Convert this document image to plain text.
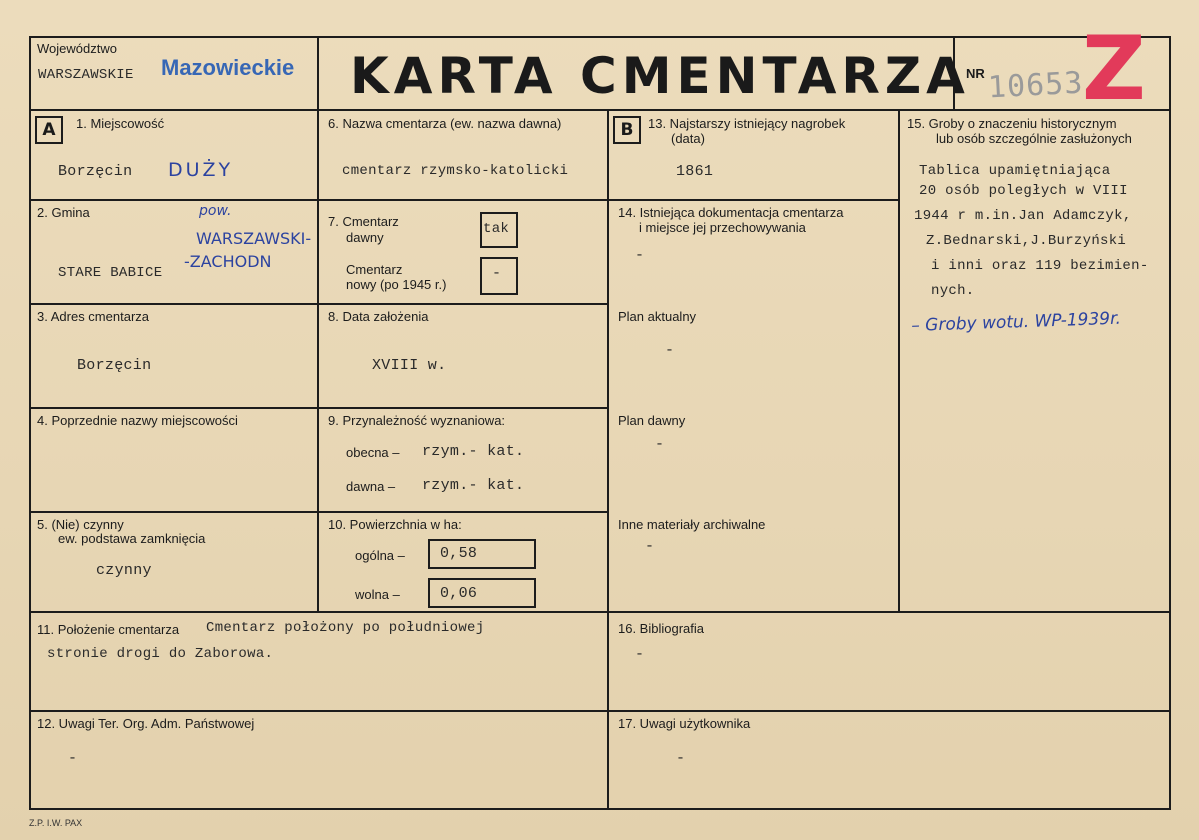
Województwo
WARSZAWSKIE Mazowieckie KARTA CMENTARZA
NR 10653
Z
A	1. Miejscowość
Borzęcin DUŻY
2. Gmina
STARE BABICE
pow.
WARSZAWSKI-
-ZACHODN
3. Adres cmentarza
Borzęcin
4. Poprzednie nazwy miejscowości
5. (Nie) czynny
ew. podstawa zamknięcia
czynny
6. Nazwa cmentarza (ew. nazwa dawna)
cmentarz rzymsko-katolicki
7. Cmentarz
dawny
tak
Cmentarz
nowy (po 1945 r.)
-
8. Data założenia
XVIII w.
9. Przynależność wyznaniowa:
obecna – rzym.- kat.
dawna – rzym.- kat.
10. Powierzchnia w ha:
ogólna – 0,58
wolna –	0,06
B	13. Najstarszy istniejący nagrobek
(data)
1861
14. Istniejąca dokumentacja cmentarza
i miejsce jej przechowywania
-
Plan aktualny
-
Plan dawny
-
Inne materiały archiwalne
-
15. Groby o znaczeniu historycznym
lub osób szczególnie zasłużonych
Tablica upamiętniająca
20 osób poległych w VIII
1944 r m.in.Jan Adamczyk,
Z.Bednarski,J.Burzyński
i inni oraz 119 bezimien-
nych.
– Groby wotu. WP-1939r.
11. Położenie cmentarza Cmentarz położony po południowej
stronie drogi do Zaborowa.
16. Bibliografia
-
12. Uwagi Ter. Org. Adm. Państwowej
-
17. Uwagi użytkownika
-
Z.P. I.W. PAX
